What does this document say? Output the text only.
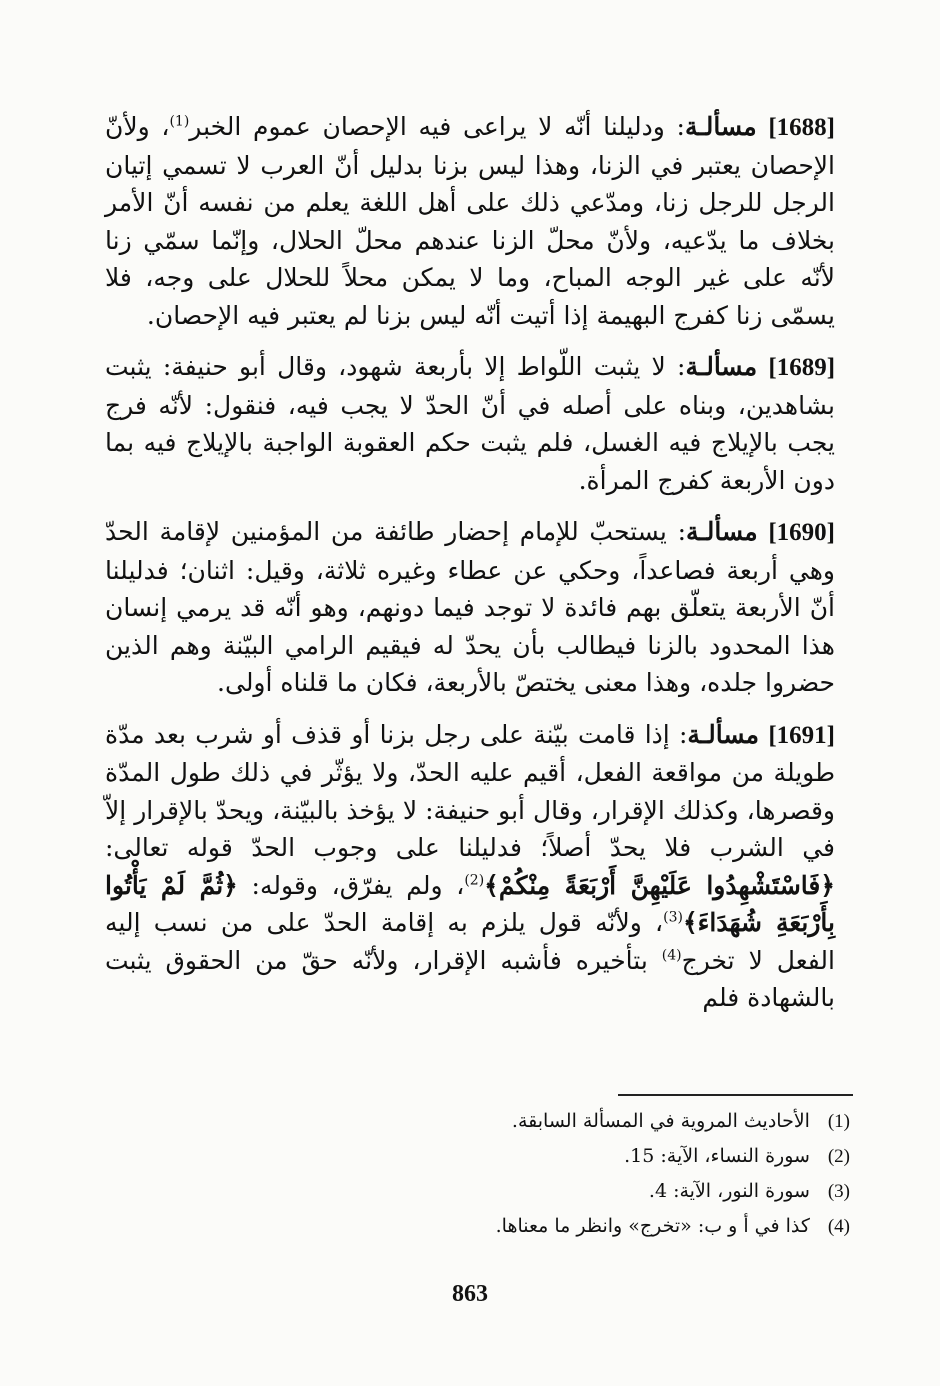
[1688] مسألـة: ودليلنا أنّه لا يراعى فيه الإحصان عموم الخبر$^{(1)}$، ولأنّ الإحصان يعتبر في الزنا، وهذا ليس بزنا بدليل أنّ العرب لا تسمي إتيان الرجل للرجل زنا، ومدّعي ذلك على أهل اللغة يعلم من نفسه أنّ الأمر بخلاف ما يدّعيه، ولأنّ محلّ الزنا عندهم محلّ الحلال، وإنّما سمّي زنا لأنّه على غير الوجه المباح، وما لا يمكن محلاً للحلال على وجه، فلا يسمّى زنا كفرج البهيمة إذا أتيت أنّه ليس بزنا لم يعتبر فيه الإحصان.

[1689] مسألـة: لا يثبت اللّواط إلا بأربعة شهود، وقال أبو حنيفة: يثبت بشاهدين، وبناه على أصله في أنّ الحدّ لا يجب فيه، فنقول: لأنّه فرج يجب بالإيلاج فيه الغسل، فلم يثبت حكم العقوبة الواجبة بالإيلاج فيه بما دون الأربعة كفرج المرأة.

[1690] مسألـة: يستحبّ للإمام إحضار طائفة من المؤمنين لإقامة الحدّ وهي أربعة فصاعداً، وحكي عن عطاء وغيره ثلاثة، وقيل: اثنان؛ فدليلنا أنّ الأربعة يتعلّق بهم فائدة لا توجد فيما دونهم، وهو أنّه قد يرمي إنسان هذا المحدود بالزنا فيطالب بأن يحدّ له فيقيم الرامي البيّنة وهم الذين حضروا جلده، وهذا معنى يختصّ بالأربعة، فكان ما قلناه أولى.

[1691] مسألـة: إذا قامت بيّنة على رجل بزنا أو قذف أو شرب بعد مدّة طويلة من مواقعة الفعل، أقيم عليه الحدّ، ولا يؤثّر في ذلك طول المدّة وقصرها، وكذلك الإقرار، وقال أبو حنيفة: لا يؤخذ بالبيّنة، ويحدّ بالإقرار إلاّ في الشرب فلا يحدّ أصلاً؛ فدليلنا على وجوب الحدّ قوله تعالى: ﴿فَاسْتَشْهِدُوا عَلَيْهِنَّ أَرْبَعَةً مِنْكُمْ﴾$^{(2)}$، ولم يفرّق، وقوله: ﴿ثُمَّ لَمْ يَأْتُوا بِأَرْبَعَةِ شُهَدَاءَ﴾$^{(3)}$، ولأنّه قول يلزم به إقامة الحدّ على من نسب إليه الفعل لا تخرج$^{(4)}$ بتأخيره فأشبه الإقرار، ولأنّه حقّ من الحقوق يثبت بالشهادة فلم

(1) الأحاديث المروية في المسألة السابقة.

(2) سورة النساء، الآية: 15.

(3) سورة النور، الآية: 4.

(4) كذا في أ و ب: «تخرج» وانظر ما معناها.

863
